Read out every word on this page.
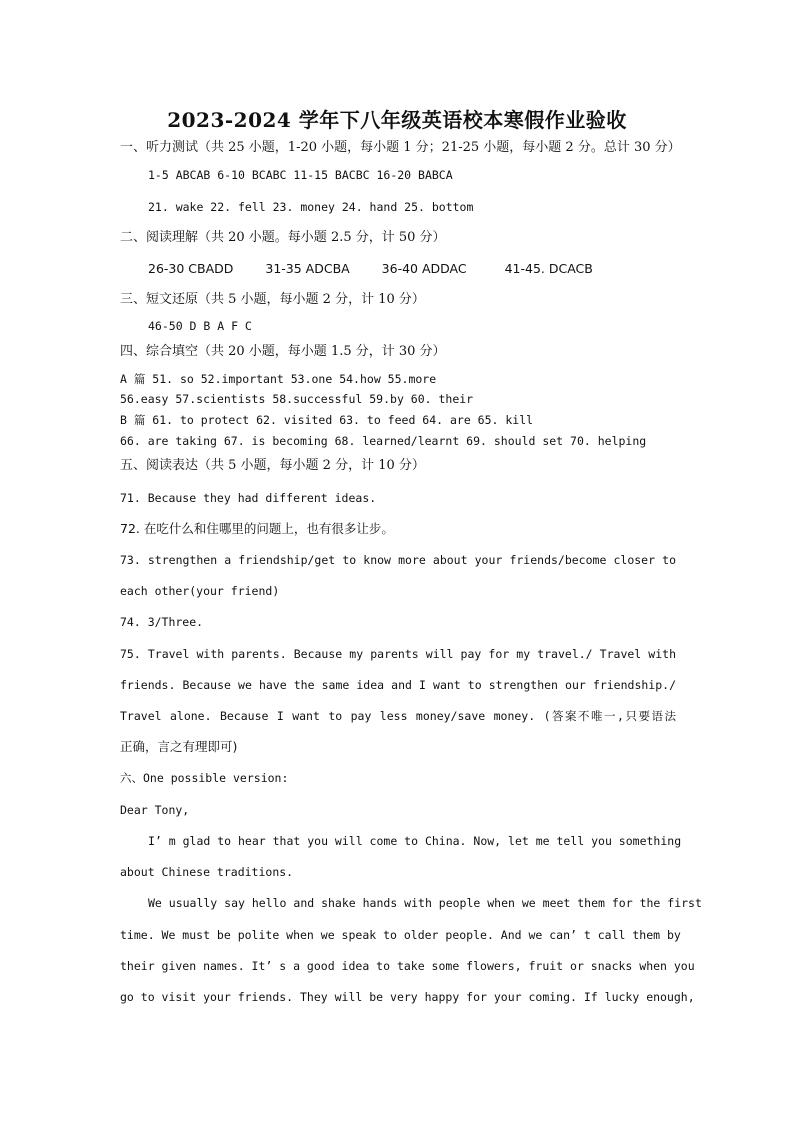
2023-2024 学年下八年级英语校本寒假作业验收
一、听力测试（共 25 小题，1-20 小题，每小题 1 分；21-25 小题，每小题 2 分。总计 30 分）
1-5 ABCAB 6-10 BCABC 11-15 BACBC 16-20 BABCA
21. wake 22. fell 23. money 24. hand 25. bottom
二、阅读理解（共 20 小题。每小题 2.5 分，计 50 分）
26-30 CBADD	31-35 ADCBA	36-40 ADDAC	41-45. DCACB
三、短文还原（共 5 小题，每小题 2 分，计 10 分）
46-50 D B A F C
四、综合填空（共 20 小题，每小题 1.5 分，计 30 分）
A 篇 51. so 52.important 53.one 54.how 55.more
56.easy 57.scientists 58.successful 59.by 60. their
B 篇 61. to protect 62. visited 63. to feed 64. are 65. kill
66. are taking 67. is becoming 68. learned/learnt 69. should set 70. helping
五、阅读表达（共 5 小题，每小题 2 分，计 10 分）
71. Because they had different ideas.
72. 在吃什么和住哪里的问题上，也有很多让步。
73. strengthen a friendship/get to know more about your friends/become closer to
each other(your friend)
74. 3/Three.
75. Travel with parents. Because my parents will pay for my travel./ Travel with
friends. Because we have the same idea and I want to strengthen our friendship./
Travel alone. Because I want to pay less money/save money. (答案不唯一,只要语法
正确，言之有理即可)
六、One possible version:
Dear Tony,
I’ m glad to hear that you will come to China. Now, let me tell you something
about Chinese traditions.
We usually say hello and shake hands with people when we meet them for the first
time. We must be polite when we speak to older people. And we can’ t call them by
their given names. It’ s a good idea to take some flowers, fruit or snacks when you
go to visit your friends. They will be very happy for your coming. If lucky enough,
